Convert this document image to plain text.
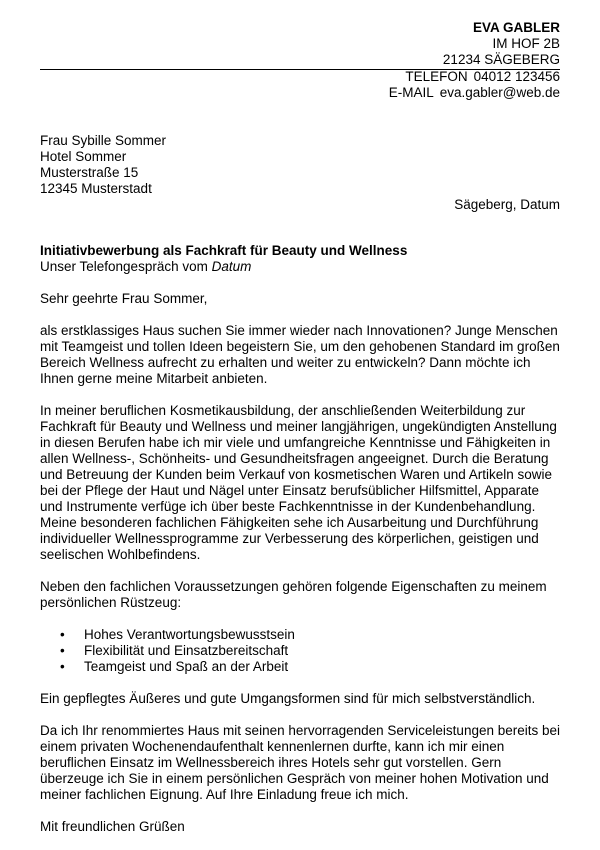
EVA GABLER
IM HOF 2B
21234 SÄGEBERG
TELEFON 04012 123456
E-MAIL eva.gabler@web.de
Frau Sybille Sommer
Hotel Sommer
Musterstraße 15
12345 Musterstadt
Sägeberg, Datum
Initiativbewerbung als Fachkraft für Beauty und Wellness
Unser Telefongespräch vom Datum

Sehr geehrte Frau Sommer,

als erstklassiges Haus suchen Sie immer wieder nach Innovationen? Junge Menschen mit Teamgeist und tollen Ideen begeistern Sie, um den gehobenen Standard im großen Bereich Wellness aufrecht zu erhalten und weiter zu entwickeln? Dann möchte ich Ihnen gerne meine Mitarbeit anbieten.

In meiner beruflichen Kosmetikausbildung, der anschließenden Weiterbildung zur Fachkraft für Beauty und Wellness und meiner langjährigen, ungekündigten Anstellung in diesen Berufen habe ich mir viele und umfangreiche Kenntnisse und Fähigkeiten in allen Wellness-, Schönheits- und Gesundheitsfragen angeeignet. Durch die Beratung und Betreuung der Kunden beim Verkauf von kosmetischen Waren und Artikeln sowie bei der Pflege der Haut und Nägel unter Einsatz berufsüblicher Hilfsmittel, Apparate und Instrumente verfüge ich über beste Fachkenntnisse in der Kundenbehandlung. Meine besonderen fachlichen Fähigkeiten sehe ich Ausarbeitung und Durchführung individueller Wellnessprogramme zur Verbesserung des körperlichen, geistigen und seelischen Wohlbefindens.

Neben den fachlichen Voraussetzungen gehören folgende Eigenschaften zu meinem persönlichen Rüstzeug:

• Hohes Verantwortungsbewusstsein
• Flexibilität und Einsatzbereitschaft
• Teamgeist und Spaß an der Arbeit

Ein gepflegtes Äußeres und gute Umgangsformen sind für mich selbstverständlich.

Da ich Ihr renommiertes Haus mit seinen hervorragenden Serviceleistungen bereits bei einem privaten Wochenendaufenthalt kennenlernen durfte, kann ich mir einen beruflichen Einsatz im Wellnessbereich ihres Hotels sehr gut vorstellen. Gern überzeuge ich Sie in einem persönlichen Gespräch von meiner hohen Motivation und meiner fachlichen Eignung. Auf Ihre Einladung freue ich mich.

Mit freundlichen Grüßen
